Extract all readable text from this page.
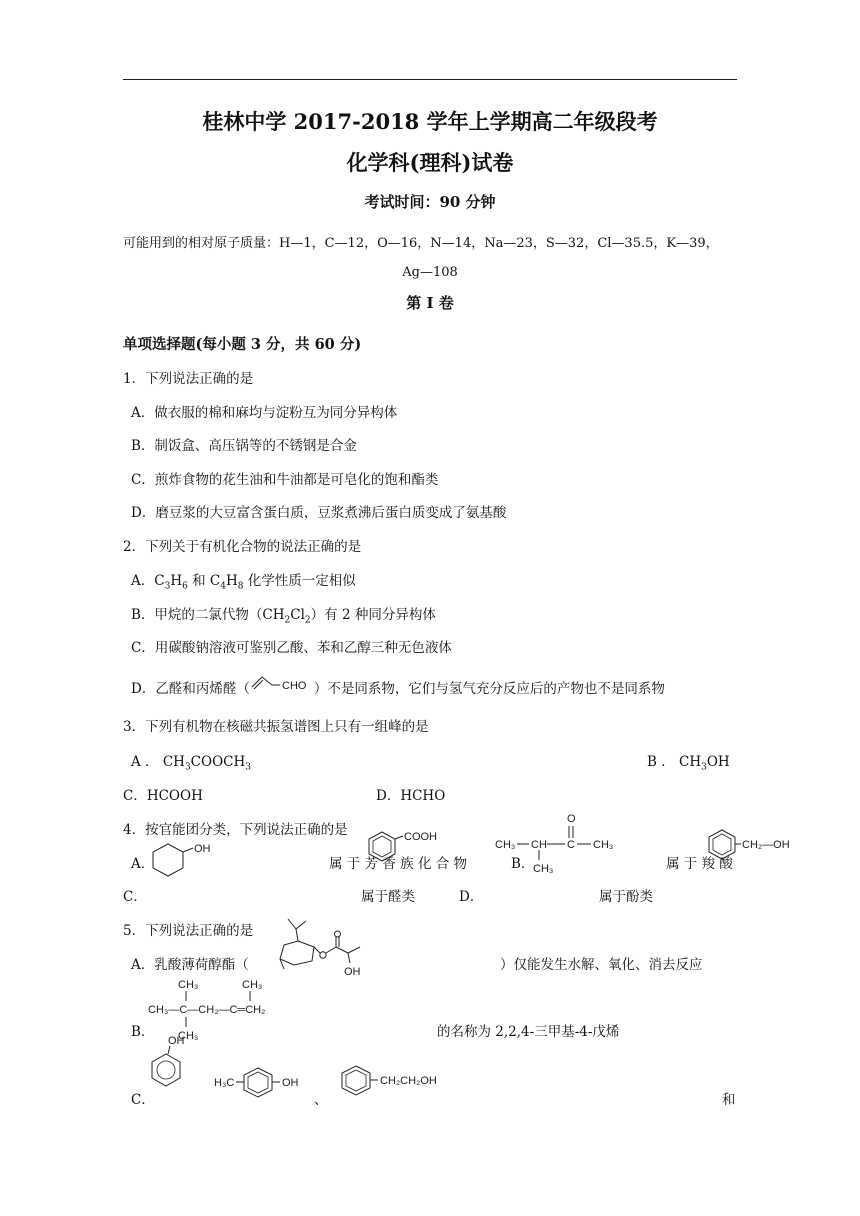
桂林中学 2017-2018 学年上学期高二年级段考
化学科(理科)试卷
考试时间：90 分钟
可能用到的相对原子质量：H—1，C—12，O—16，N—14，Na—23，S—32，Cl—35.5，K—39，
Ag—108
第 I 卷
单项选择题(每小题 3 分，共 60 分)
1．下列说法正确的是
A．做衣服的棉和麻均与淀粉互为同分异构体
B．制饭盒、高压锅等的不锈钢是合金
C．煎炸食物的花生油和牛油都是可皂化的饱和酯类
D．磨豆浆的大豆富含蛋白质，豆浆煮沸后蛋白质变成了氨基酸
2．下列关于有机化合物的说法正确的是
A．$C_3H_6$ 和 $C_4H_8$ 化学性质一定相似
B．甲烷的二氯代物$(CH_2Cl_2)$有 2 种同分异构体
C．用碳酸钠溶液可鉴别乙酸、苯和乙醇三种无色液体
D．乙醛和丙烯醛（	CHO ）不是同系物，它们与氢气充分反应后的产物也不是同系物
3．下列有机物在核磁共振氢谱图上只有一组峰的是
A ． $CH_3COOCH_3$	B ． $CH_3OH$
C．HCOOH	D．HCHO
4．按官能团分类，下列说法正确的是
A．
OH
属 于 芳 香 族 化 合 物
COOH
B．	属 于 羧 酸
CH₃ CH C CH₃
CH₃
O
CH₂—OH
C．	属于醛类	D．	属于酚类
5．下列说法正确的是
A．乳酸薄荷醇酯（	OH	）仅能发生水解、氧化、消去反应
CH₃	CH₃
CH₃—C—CH₂—C═CH₂
CH₃
B．	的名称为 2,2,4-三甲基-4-戊烯
OH
C．
H₃C	OH
、
CH₂CH₂OH
和
